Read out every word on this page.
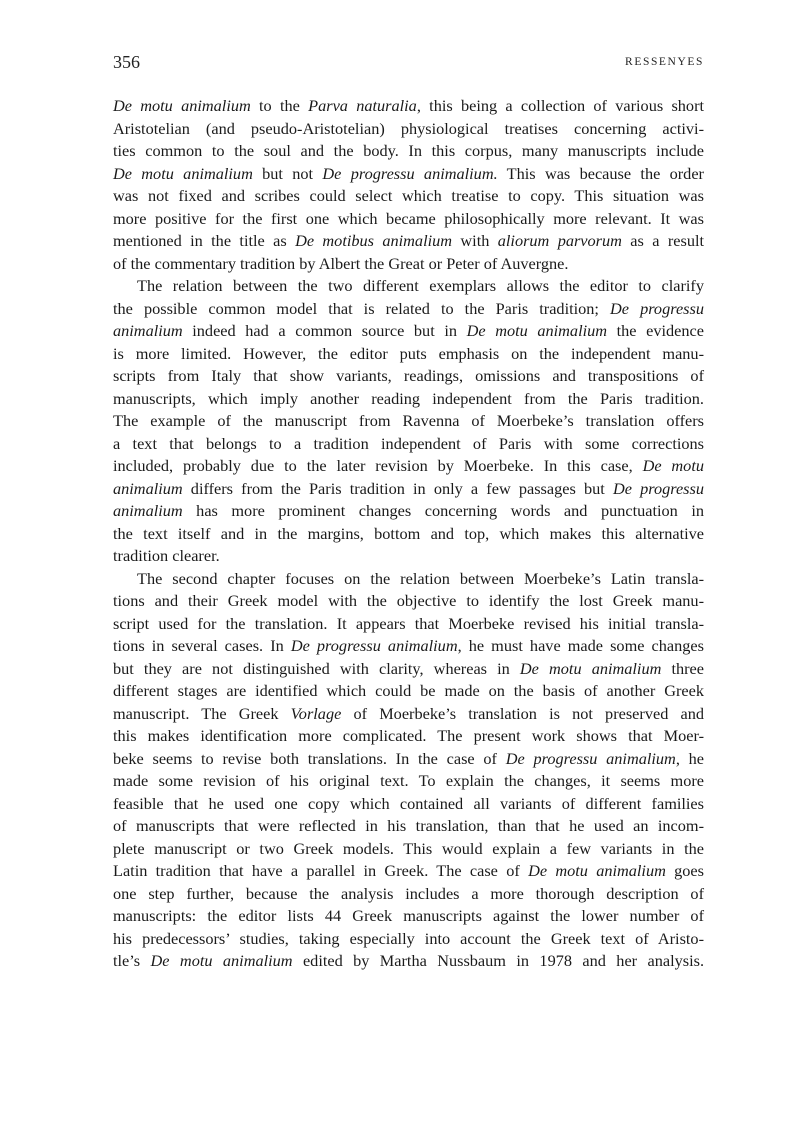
356	RESSENYES
De motu animalium to the Parva naturalia, this being a collection of various short
Aristotelian (and pseudo-Aristotelian) physiological treatises concerning activi-
ties common to the soul and the body. In this corpus, many manuscripts include
De motu animalium but not De progressu animalium. This was because the order
was not fixed and scribes could select which treatise to copy. This situation was
more positive for the first one which became philosophically more relevant. It was
mentioned in the title as De motibus animalium with aliorum parvorum as a result
of the commentary tradition by Albert the Great or Peter of Auvergne.
The relation between the two different exemplars allows the editor to clarify
the possible common model that is related to the Paris tradition; De progressu
animalium indeed had a common source but in De motu animalium the evidence
is more limited. However, the editor puts emphasis on the independent manu-
scripts from Italy that show variants, readings, omissions and transpositions of
manuscripts, which imply another reading independent from the Paris tradition.
The example of the manuscript from Ravenna of Moerbeke’s translation offers
a text that belongs to a tradition independent of Paris with some corrections
included, probably due to the later revision by Moerbeke. In this case, De motu
animalium differs from the Paris tradition in only a few passages but De progressu
animalium has more prominent changes concerning words and punctuation in
the text itself and in the margins, bottom and top, which makes this alternative
tradition clearer.
The second chapter focuses on the relation between Moerbeke’s Latin transla-
tions and their Greek model with the objective to identify the lost Greek manu-
script used for the translation. It appears that Moerbeke revised his initial transla-
tions in several cases. In De progressu animalium, he must have made some changes
but they are not distinguished with clarity, whereas in De motu animalium three
different stages are identified which could be made on the basis of another Greek
manuscript. The Greek Vorlage of Moerbeke’s translation is not preserved and
this makes identification more complicated. The present work shows that Moer-
beke seems to revise both translations. In the case of De progressu animalium, he
made some revision of his original text. To explain the changes, it seems more
feasible that he used one copy which contained all variants of different families
of manuscripts that were reflected in his translation, than that he used an incom-
plete manuscript or two Greek models. This would explain a few variants in the
Latin tradition that have a parallel in Greek. The case of De motu animalium goes
one step further, because the analysis includes a more thorough description of
manuscripts: the editor lists 44 Greek manuscripts against the lower number of
his predecessors’ studies, taking especially into account the Greek text of Aristo-
tle’s De motu animalium edited by Martha Nussbaum in 1978 and her analysis.
